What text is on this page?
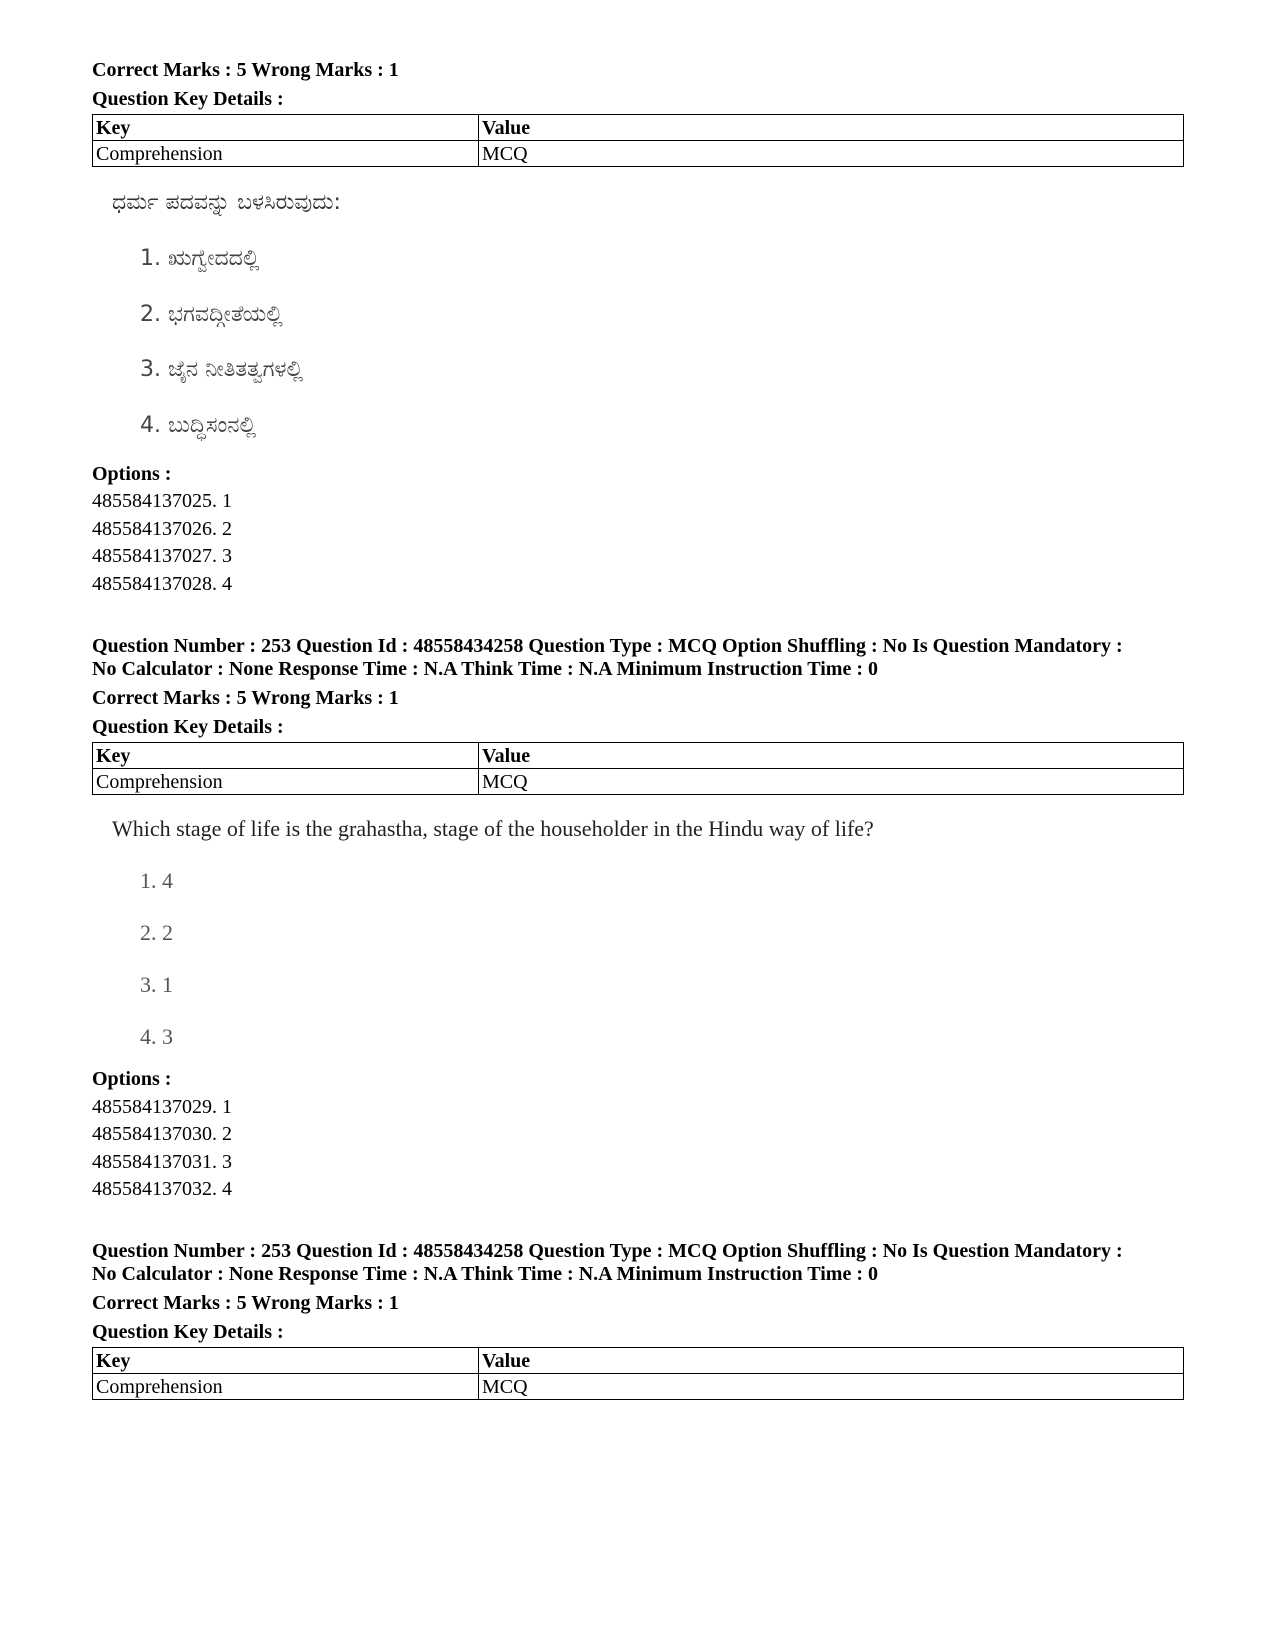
Correct Marks : 5 Wrong Marks : 1
Question Key Details :
Key	Value
Comprehension	MCQ
ಧರ್ಮ ಪದವನ್ನು ಬಳಸಿರುವುದು:
1. ಋಗ್ವೇದದಲ್ಲಿ
2. ಭಗವದ್ಗೀತೆಯಲ್ಲಿ
3. ಜೈನ ನೀತಿತತ್ವಗಳಲ್ಲಿ
4. ಬುದ್ಧಿಸಂನಲ್ಲಿ
Options :
485584137025. 1
485584137026. 2
485584137027. 3
485584137028. 4
Question Number : 253 Question Id : 48558434258 Question Type : MCQ Option Shuffling : No Is Question Mandatory :
No Calculator : None Response Time : N.A Think Time : N.A Minimum Instruction Time : 0
Correct Marks : 5 Wrong Marks : 1
Question Key Details :
Key	Value
Comprehension	MCQ
Which stage of life is the grahastha, stage of the householder in the Hindu way of life?
1. 4
2. 2
3. 1
4. 3
Options :
485584137029. 1
485584137030. 2
485584137031. 3
485584137032. 4
Question Number : 253 Question Id : 48558434258 Question Type : MCQ Option Shuffling : No Is Question Mandatory :
No Calculator : None Response Time : N.A Think Time : N.A Minimum Instruction Time : 0
Correct Marks : 5 Wrong Marks : 1
Question Key Details :
Key	Value
Comprehension	MCQ
